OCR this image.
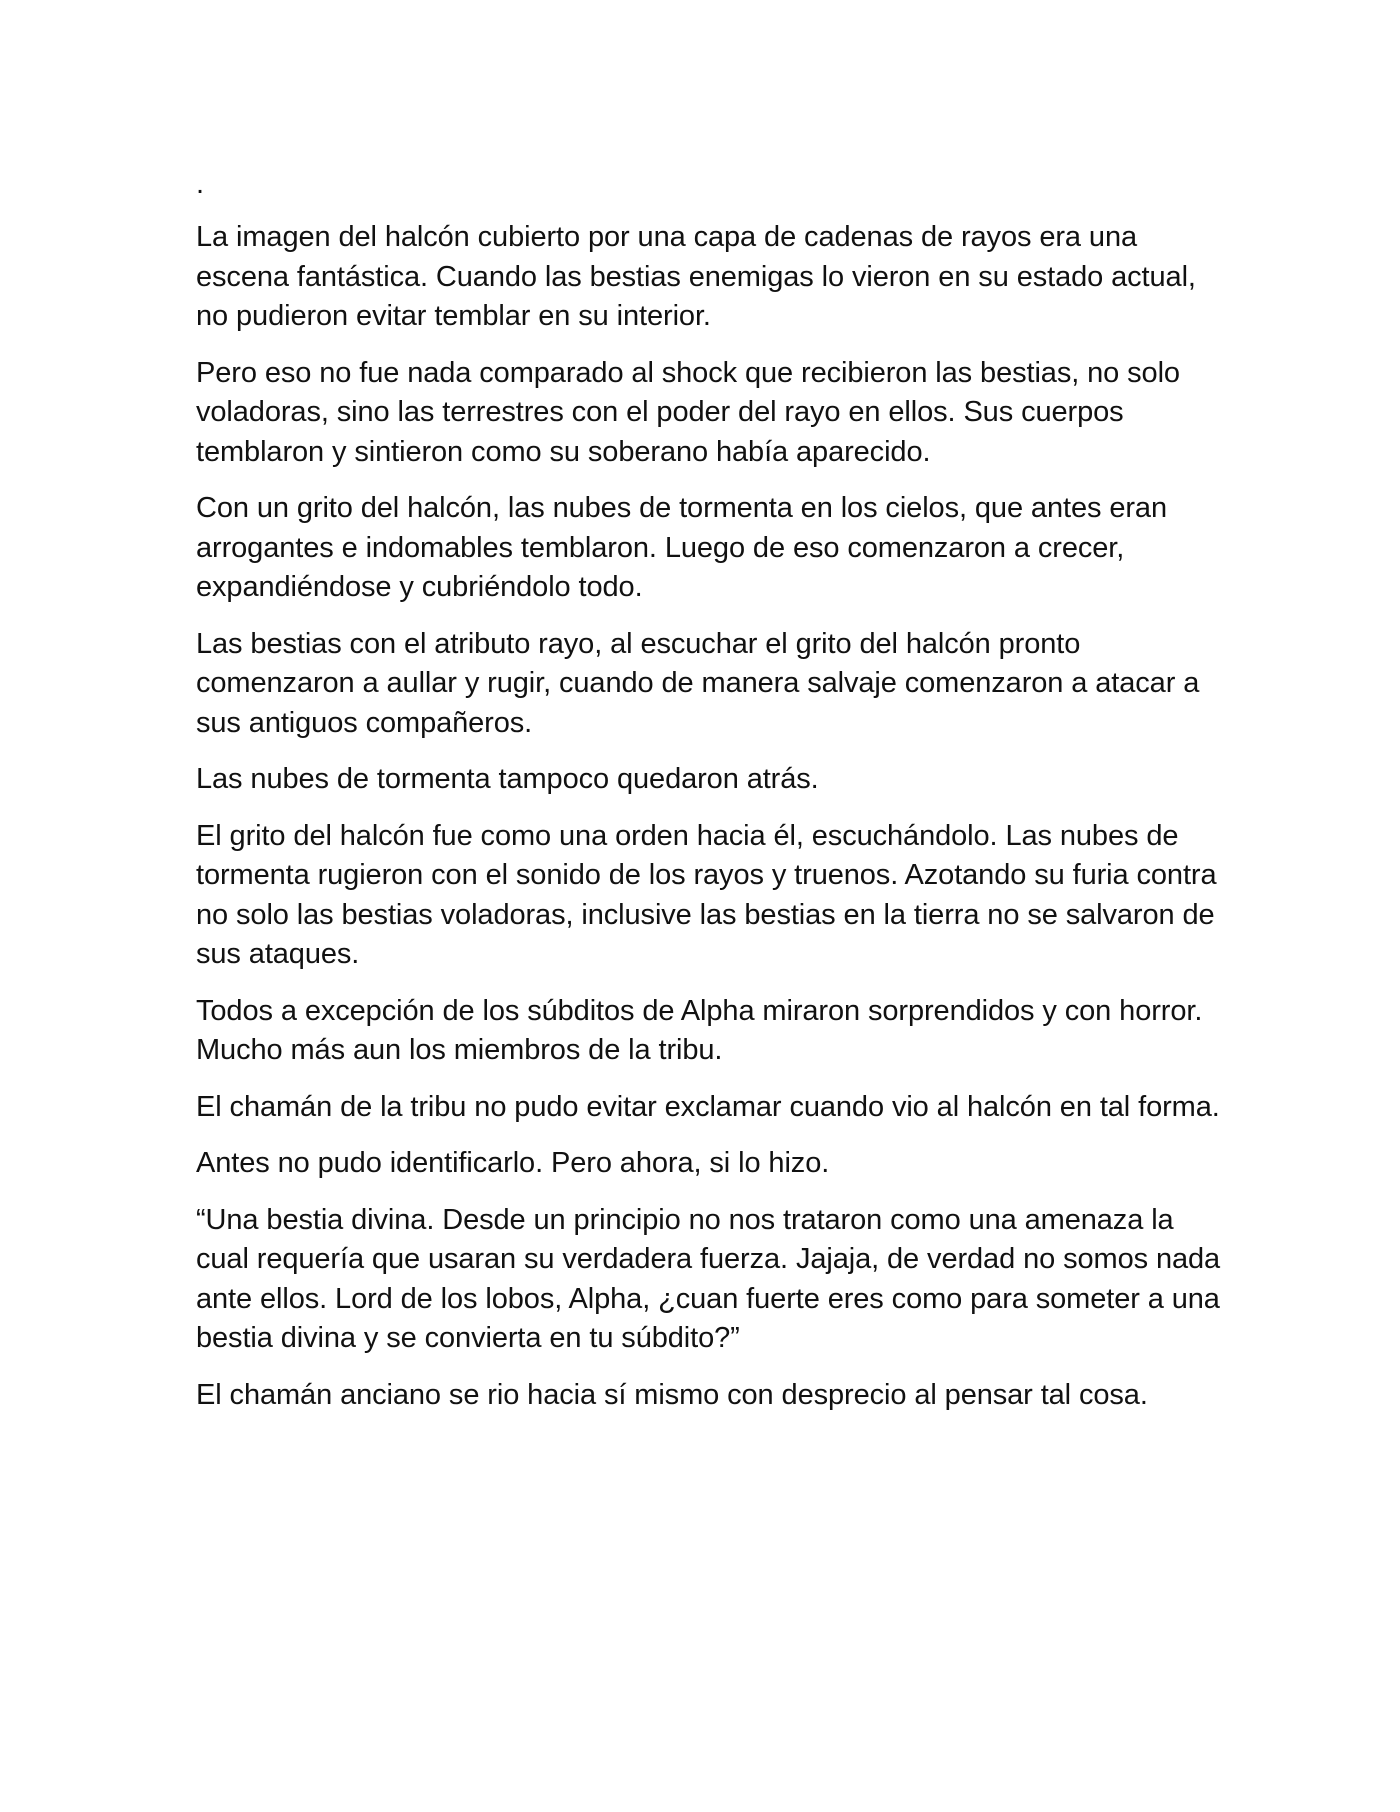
.

La imagen del halcón cubierto por una capa de cadenas de rayos era una escena fantástica. Cuando las bestias enemigas lo vieron en su estado actual, no pudieron evitar temblar en su interior.

Pero eso no fue nada comparado al shock que recibieron las bestias, no solo voladoras, sino las terrestres con el poder del rayo en ellos. Sus cuerpos temblaron y sintieron como su soberano había aparecido.

Con un grito del halcón, las nubes de tormenta en los cielos, que antes eran arrogantes e indomables temblaron. Luego de eso comenzaron a crecer, expandiéndose y cubriéndolo todo.

Las bestias con el atributo rayo, al escuchar el grito del halcón pronto comenzaron a aullar y rugir, cuando de manera salvaje comenzaron a atacar a sus antiguos compañeros.

Las nubes de tormenta tampoco quedaron atrás.

El grito del halcón fue como una orden hacia él, escuchándolo. Las nubes de tormenta rugieron con el sonido de los rayos y truenos. Azotando su furia contra no solo las bestias voladoras, inclusive las bestias en la tierra no se salvaron de sus ataques.

Todos a excepción de los súbditos de Alpha miraron sorprendidos y con horror. Mucho más aun los miembros de la tribu.

El chamán de la tribu no pudo evitar exclamar cuando vio al halcón en tal forma.

Antes no pudo identificarlo. Pero ahora, si lo hizo.

“Una bestia divina. Desde un principio no nos trataron como una amenaza la cual requería que usaran su verdadera fuerza. Jajaja, de verdad no somos nada ante ellos. Lord de los lobos, Alpha, ¿cuan fuerte eres como para someter a una bestia divina y se convierta en tu súbdito?”

El chamán anciano se rio hacia sí mismo con desprecio al pensar tal cosa.
